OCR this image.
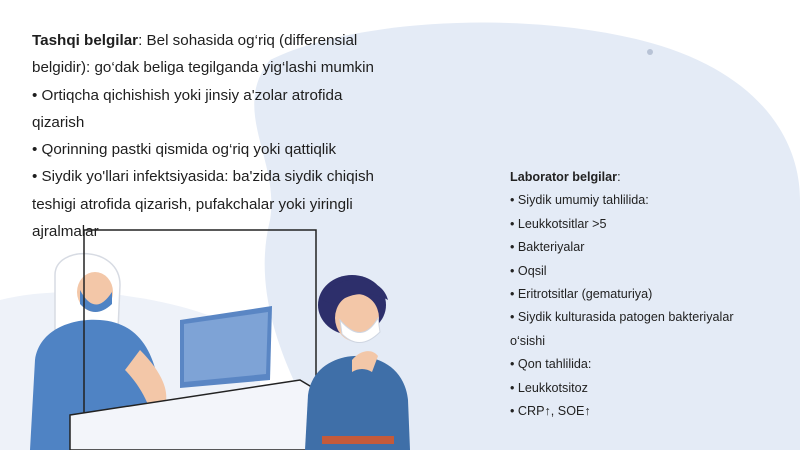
Tashqi belgilar: Bel sohasida og‘riq (differensial belgidir): go‘dak beliga tegilganda yig‘lashi mumkin

• Ortiqcha qichishish yoki jinsiy a'zolar atrofida qizarish
• Qorinning pastki qismida og‘riq yoki qattiqlik
• Siydik yo'llari infektsiyasida: ba'zida siydik chiqish teshigi atrofida qizarish, pufakchalar yoki yiringli ajralmalar

Laborator belgilar:

• Siydik umumiy tahlilida:
• Leukkotsitlar >5
• Bakteriyalar
• Oqsil
• Eritrotsitlar (gematuriya)
• Siydik kulturasida patogen bakteriyalar o‘sishi
• Qon tahlilida:
• Leukkotsitoz
• CRP↑, SOE↑
